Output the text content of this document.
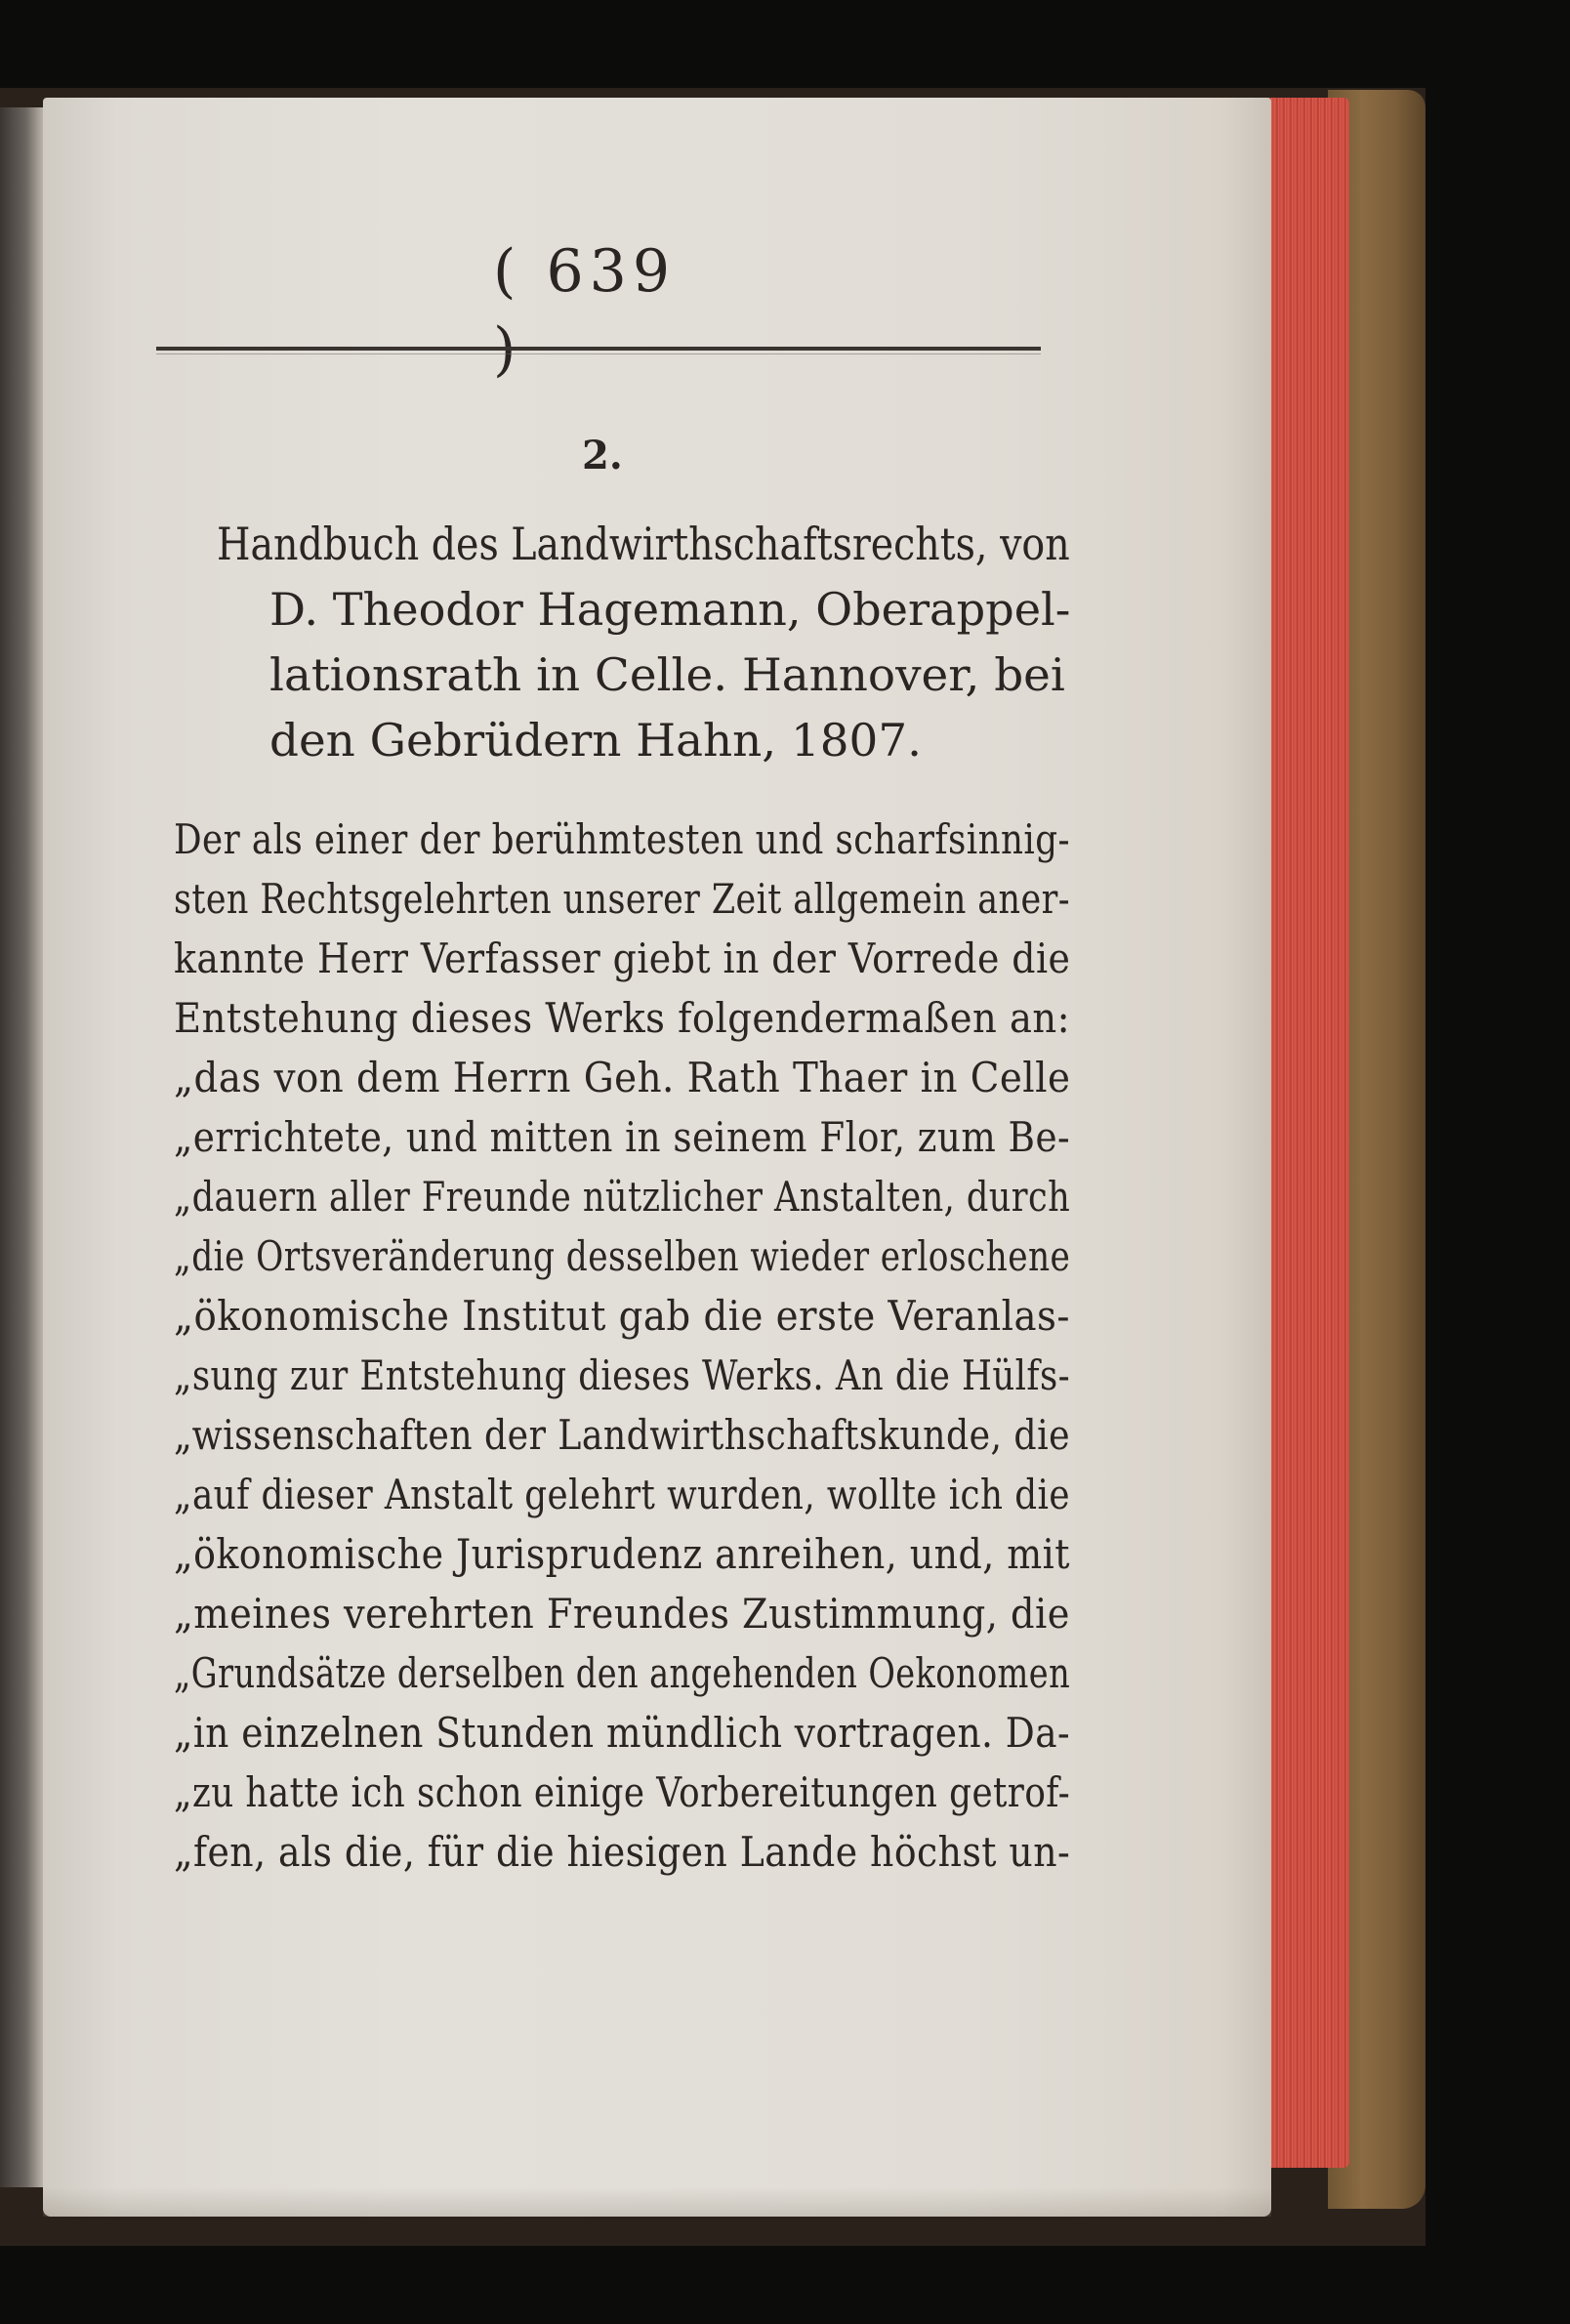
( 639
2.
Handbuch des Landwirthschaftsrechts, von
D. Theodor Hagemann, Oberappel-
lationsrath in Celle. Hannover, bei
den Gebrüdern Hahn, 1807.
Der als einer der berühmtesten und scharfsinnig-
sten Rechtsgelehrten unserer Zeit allgemein aner-
kannte Herr Verfasser giebt in der Vorrede die
Entstehung dieses Werks folgendermaßen an:
„das von dem Herrn Geh. Rath Thaer in Celle
„errichtete, und mitten in seinem Flor, zum Be-
„dauern aller Freunde nützlicher Anstalten, durch
„die Ortsveränderung desselben wieder erloschene
„ökonomische Institut gab die erste Veranlas-
„sung zur Entstehung dieses Werks. An die Hülfs-
„wissenschaften der Landwirthschaftskunde, die
„auf dieser Anstalt gelehrt wurden, wollte ich die
„ökonomische Jurisprudenz anreihen, und, mit
„meines verehrten Freundes Zustimmung, die
„Grundsätze derselben den angehenden Oekonomen
„in einzelnen Stunden mündlich vortragen. Da-
„zu hatte ich schon einige Vorbereitungen getrof-
„fen, als die, für die hiesigen Lande höchst un-
